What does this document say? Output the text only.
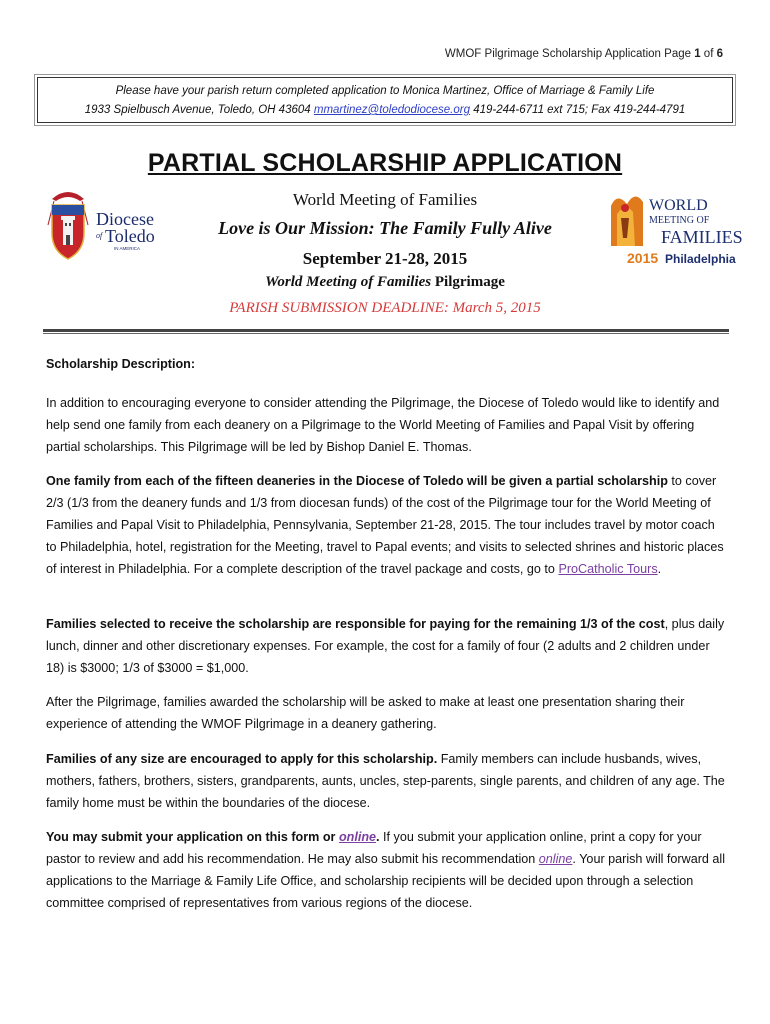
WMOF Pilgrimage Scholarship Application Page 1 of 6
Please have your parish return completed application to Monica Martinez, Office of Marriage & Family Life
1933 Spielbusch Avenue, Toledo, OH 43604 mmartinez@toledodiocese.org 419-244-6711 ext 715; Fax 419-244-4791
PARTIAL SCHOLARSHIP APPLICATION
World Meeting of Families
Love is Our Mission: The Family Fully Alive
September 21-28, 2015
World Meeting of Families Pilgrimage
PARISH SUBMISSION DEADLINE: March 5, 2015
Diocese
of Toledo
IN AMERICA
WORLD
MEETING OF
FAMILIES
2015 Philadelphia

Scholarship Description:

In addition to encouraging everyone to consider attending the Pilgrimage, the Diocese of Toledo would like to identify and help send one family from each deanery on a Pilgrimage to the World Meeting of Families and Papal Visit by offering partial scholarships. This Pilgrimage will be led by Bishop Daniel E. Thomas.

One family from each of the fifteen deaneries in the Diocese of Toledo will be given a partial scholarship to cover 2/3 (1/3 from the deanery funds and 1/3 from diocesan funds) of the cost of the Pilgrimage tour for the World Meeting of Families and Papal Visit to Philadelphia, Pennsylvania, September 21-28, 2015. The tour includes travel by motor coach to Philadelphia, hotel, registration for the Meeting, travel to Papal events; and visits to selected shrines and historic places of interest in Philadelphia. For a complete description of the travel package and costs, go to ProCatholic Tours.

Families selected to receive the scholarship are responsible for paying for the remaining 1/3 of the cost, plus daily lunch, dinner and other discretionary expenses. For example, the cost for a family of four (2 adults and 2 children under 18) is $3000; 1/3 of $3000 = $1,000.

After the Pilgrimage, families awarded the scholarship will be asked to make at least one presentation sharing their experience of attending the WMOF Pilgrimage in a deanery gathering.

Families of any size are encouraged to apply for this scholarship. Family members can include husbands, wives, mothers, fathers, brothers, sisters, grandparents, aunts, uncles, step-parents, single parents, and children of any age. The family home must be within the boundaries of the diocese.

You may submit your application on this form or online. If you submit your application online, print a copy for your pastor to review and add his recommendation. He may also submit his recommendation online. Your parish will forward all applications to the Marriage & Family Life Office, and scholarship recipients will be decided upon through a selection committee comprised of representatives from various regions of the diocese.
